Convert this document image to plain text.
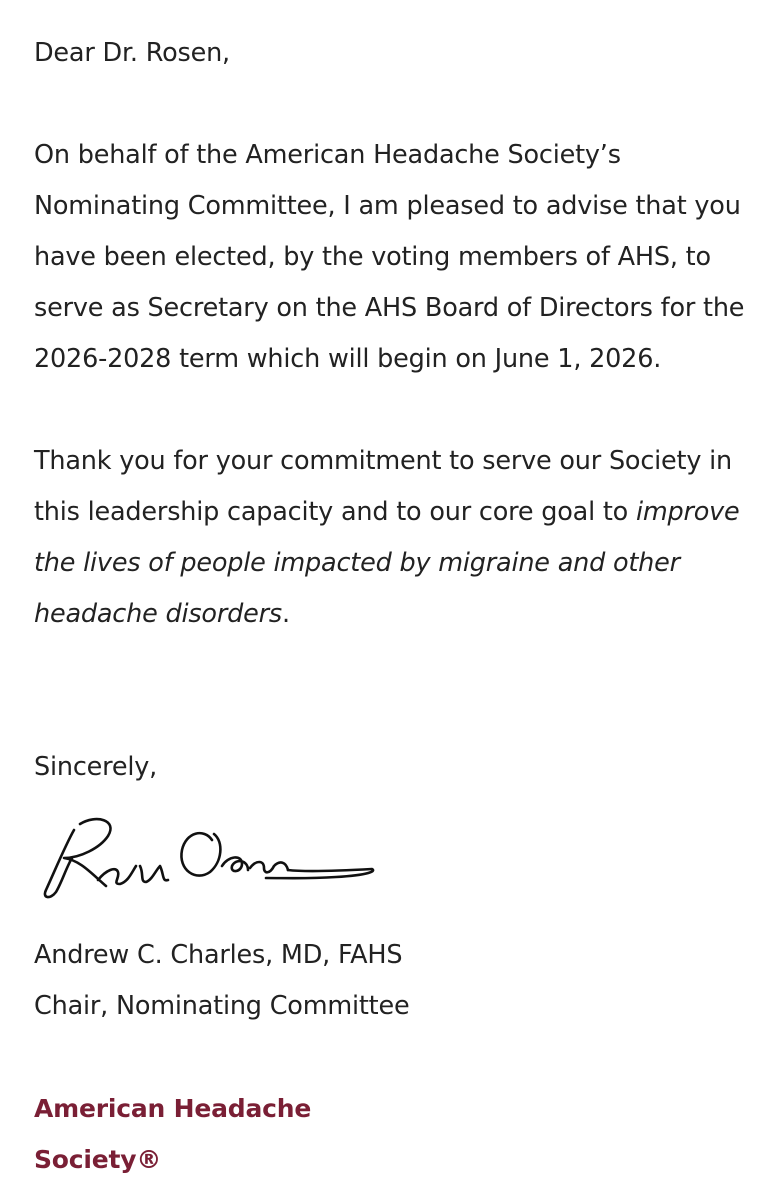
Dear Dr. Rosen,
On behalf of the American Headache Society’s
Nominating Committee, I am pleased to advise that you
have been elected, by the voting members of AHS, to
serve as Secretary on the AHS Board of Directors for the
2026-2028 term which will begin on June 1, 2026.
Thank you for your commitment to serve our Society in
this leadership capacity and to our core goal to improve
the lives of people impacted by migraine and other
headache disorders.
Sincerely,
Andrew C. Charles, MD, FAHS
Chair, Nominating Committee
American Headache
Society®
